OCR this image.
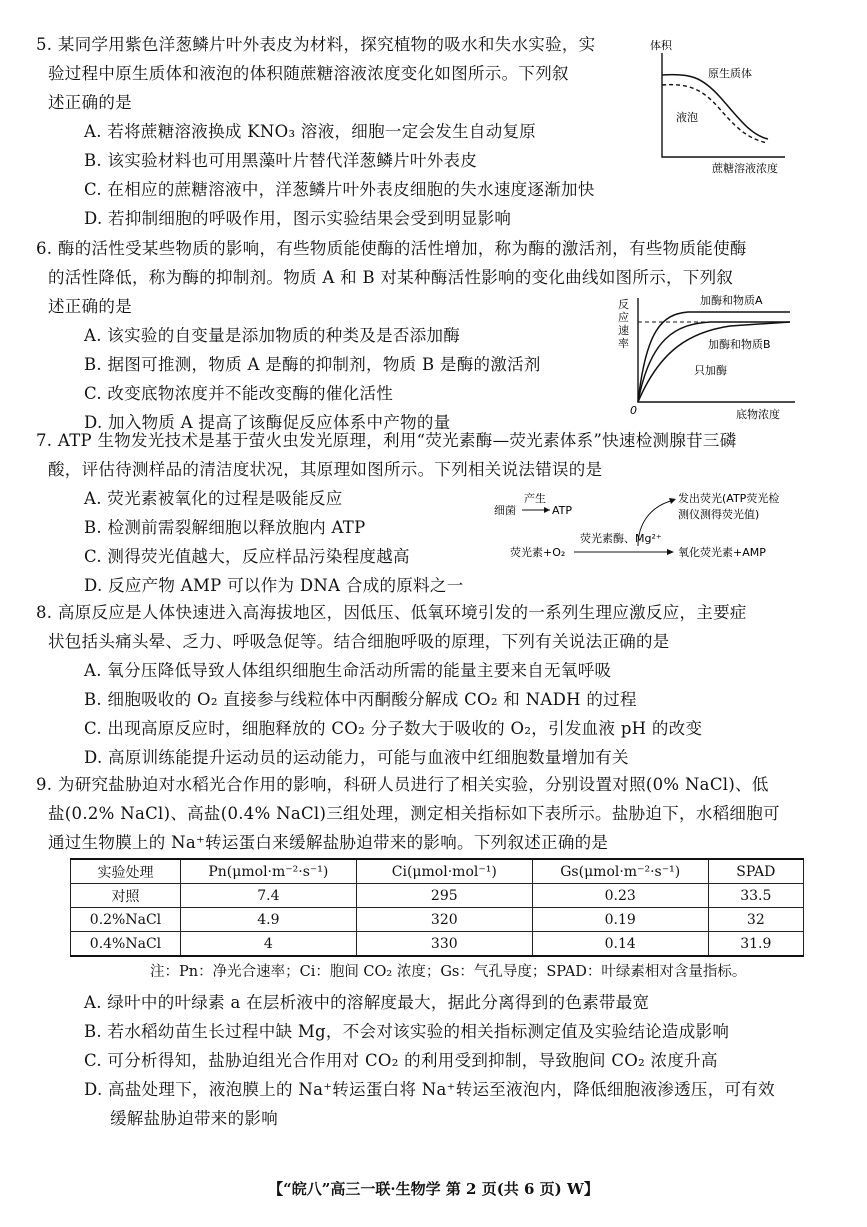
5. 某同学用紫色洋葱鳞片叶外表皮为材料，探究植物的吸水和失水实验，实
验过程中原生质体和液泡的体积随蔗糖溶液浓度变化如图所示。下列叙
述正确的是
A. 若将蔗糖溶液换成 KNO₃ 溶液，细胞一定会发生自动复原
B. 该实验材料也可用黑藻叶片替代洋葱鳞片叶外表皮
C. 在相应的蔗糖溶液中，洋葱鳞片叶外表皮细胞的失水速度逐渐加快
D. 若抑制细胞的呼吸作用，图示实验结果会受到明显影响
体积
原生质体
液泡
蔗糖溶液浓度
6. 酶的活性受某些物质的影响，有些物质能使酶的活性增加，称为酶的激活剂，有些物质能使酶
的活性降低，称为酶的抑制剂。物质 A 和 B 对某种酶活性影响的变化曲线如图所示，下列叙
述正确的是
A. 该实验的自变量是添加物质的种类及是否添加酶
B. 据图可推测，物质 A 是酶的抑制剂，物质 B 是酶的激活剂
C. 改变底物浓度并不能改变酶的催化活性
D. 加入物质 A 提高了该酶促反应体系中产物的量
反
应
速
率
加酶和物质A
加酶和物质B
只加酶
0	底物浓度
7. ATP 生物发光技术是基于萤火虫发光原理，利用“荧光素酶—荧光素体系”快速检测腺苷三磷
酸，评估待测样品的清洁度状况，其原理如图所示。下列相关说法错误的是
A. 荧光素被氧化的过程是吸能反应
B. 检测前需裂解细胞以释放胞内 ATP
C. 测得荧光值越大，反应样品污染程度越高
D. 反应产物 AMP 可以作为 DNA 合成的原料之一
细菌
产生
ATP
发出荧光(ATP荧光检
测仪测得荧光值)
荧光素酶、Mg²⁺
荧光素+O₂	氧化荧光素+AMP
8. 高原反应是人体快速进入高海拔地区，因低压、低氧环境引发的一系列生理应激反应，主要症
状包括头痛头晕、乏力、呼吸急促等。结合细胞呼吸的原理，下列有关说法正确的是
A. 氧分压降低导致人体组织细胞生命活动所需的能量主要来自无氧呼吸
B. 细胞吸收的 O₂ 直接参与线粒体中丙酮酸分解成 CO₂ 和 NADH 的过程
C. 出现高原反应时，细胞释放的 CO₂ 分子数大于吸收的 O₂，引发血液 pH 的改变
D. 高原训练能提升运动员的运动能力，可能与血液中红细胞数量增加有关
9. 为研究盐胁迫对水稻光合作用的影响，科研人员进行了相关实验，分别设置对照(0% NaCl)、低
盐(0.2% NaCl)、高盐(0.4% NaCl)三组处理，测定相关指标如下表所示。盐胁迫下，水稻细胞可
通过生物膜上的 Na⁺转运蛋白来缓解盐胁迫带来的影响。下列叙述正确的是
实验处理	Pn(μmol·m⁻²·s⁻¹)	Ci(μmol·mol⁻¹)	Gs(μmol·m⁻²·s⁻¹)	SPAD
对照	7.4	295	0.23	33.5
0.2%NaCl	4.9	320	0.19	32
0.4%NaCl	4	330	0.14	31.9
注：Pn：净光合速率；Ci：胞间 CO₂ 浓度；Gs：气孔导度；SPAD：叶绿素相对含量指标。
A. 绿叶中的叶绿素 a 在层析液中的溶解度最大，据此分离得到的色素带最宽
B. 若水稻幼苗生长过程中缺 Mg，不会对该实验的相关指标测定值及实验结论造成影响
C. 可分析得知，盐胁迫组光合作用对 CO₂ 的利用受到抑制，导致胞间 CO₂ 浓度升高
D. 高盐处理下，液泡膜上的 Na⁺转运蛋白将 Na⁺转运至液泡内，降低细胞液渗透压，可有效
缓解盐胁迫带来的影响
【“皖八”高三一联·生物学 第 2 页(共 6 页) W】
